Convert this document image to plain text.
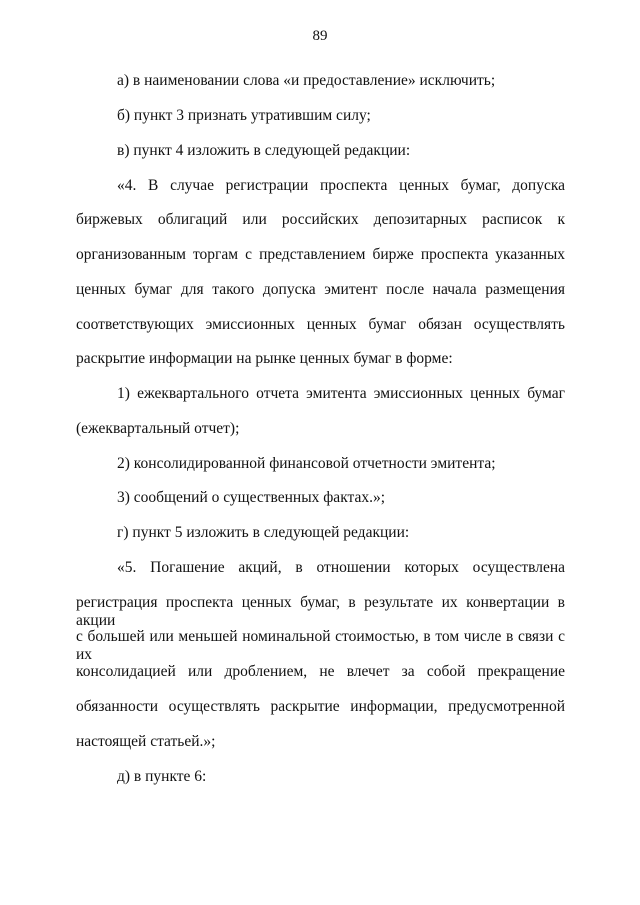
89
а) в наименовании слова «и предоставление» исключить;
б) пункт 3 признать утратившим силу;
в) пункт 4 изложить в следующей редакции:
«4. В случае регистрации проспекта ценных бумаг, допуска
биржевых облигаций или российских депозитарных расписок к
организованным торгам с представлением бирже проспекта указанных
ценных бумаг для такого допуска эмитент после начала размещения
соответствующих эмиссионных ценных бумаг обязан осуществлять
раскрытие информации на рынке ценных бумаг в форме:
1) ежеквартального отчета эмитента эмиссионных ценных бумаг
(ежеквартальный отчет);
2) консолидированной финансовой отчетности эмитента;
3) сообщений о существенных фактах.»;
г) пункт 5 изложить в следующей редакции:
«5. Погашение акций, в отношении которых осуществлена
регистрация проспекта ценных бумаг, в результате их конвертации в акции
с большей или меньшей номинальной стоимостью, в том числе в связи с их
консолидацией или дроблением, не влечет за собой прекращение
обязанности осуществлять раскрытие информации, предусмотренной
настоящей статьей.»;
д) в пункте 6:
